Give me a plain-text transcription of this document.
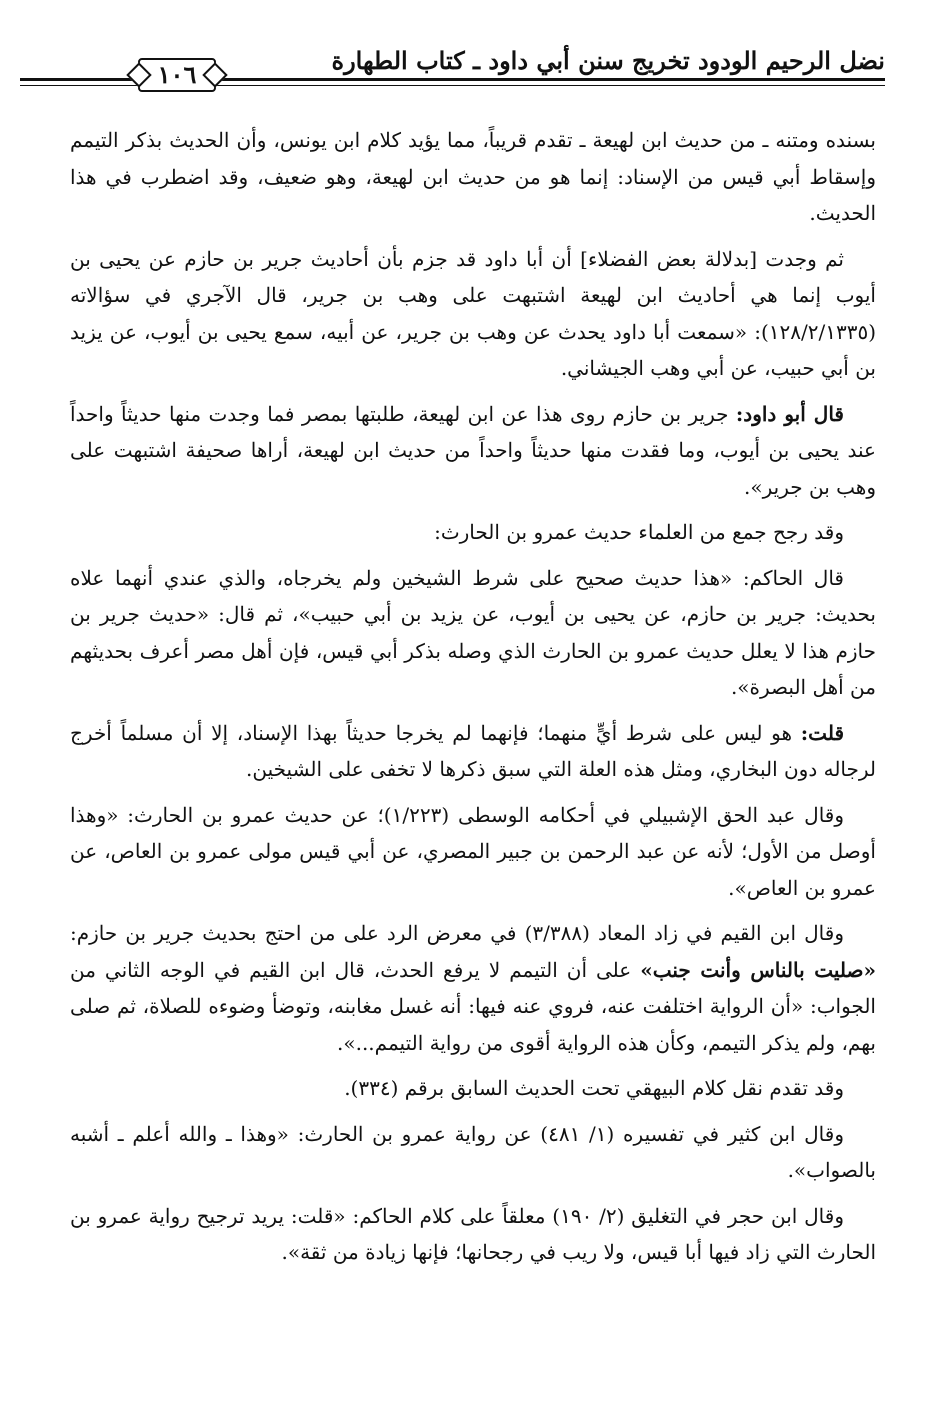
نضل الرحيم الودود تخريج سنن أبي داود ـ كتاب الطهارة
١٠٦

بسنده ومتنه ـ من حديث ابن لهيعة ـ تقدم قريباً، مما يؤيد كلام ابن يونس، وأن الحديث بذكر التيمم وإسقاط أبي قيس من الإسناد: إنما هو من حديث ابن لهيعة، وهو ضعيف، وقد اضطرب في هذا الحديث.

ثم وجدت [بدلالة بعض الفضلاء] أن أبا داود قد جزم بأن أحاديث جرير بن حازم عن يحيى بن أيوب إنما هي أحاديث ابن لهيعة اشتبهت على وهب بن جرير، قال الآجري في سؤالاته (١٢٨/٢/١٣٣٥): «سمعت أبا داود يحدث عن وهب بن جرير، عن أبيه، سمع يحيى بن أيوب، عن يزيد بن أبي حبيب، عن أبي وهب الجيشاني.

قال أبو داود: جرير بن حازم روى هذا عن ابن لهيعة، طلبتها بمصر فما وجدت منها حديثاً واحداً عند يحيى بن أيوب، وما فقدت منها حديثاً واحداً من حديث ابن لهيعة، أراها صحيفة اشتبهت على وهب بن جرير».

وقد رجح جمع من العلماء حديث عمرو بن الحارث:

قال الحاكم: «هذا حديث صحيح على شرط الشيخين ولم يخرجاه، والذي عندي أنهما علاه بحديث: جرير بن حازم، عن يحيى بن أيوب، عن يزيد بن أبي حبيب»، ثم قال: «حديث جرير بن حازم هذا لا يعلل حديث عمرو بن الحارث الذي وصله بذكر أبي قيس، فإن أهل مصر أعرف بحديثهم من أهل البصرة».

قلت: هو ليس على شرط أيٍّ منهما؛ فإنهما لم يخرجا حديثاً بهذا الإسناد، إلا أن مسلماً أخرج لرجاله دون البخاري، ومثل هذه العلة التي سبق ذكرها لا تخفى على الشيخين.

وقال عبد الحق الإشبيلي في أحكامه الوسطى (١/٢٢٣)؛ عن حديث عمرو بن الحارث: «وهذا أوصل من الأول؛ لأنه عن عبد الرحمن بن جبير المصري، عن أبي قيس مولى عمرو بن العاص، عن عمرو بن العاص».

وقال ابن القيم في زاد المعاد (٣/٣٨٨) في معرض الرد على من احتج بحديث جرير بن حازم: «صليت بالناس وأنت جنب» على أن التيمم لا يرفع الحدث، قال ابن القيم في الوجه الثاني من الجواب: «أن الرواية اختلفت عنه، فروي عنه فيها: أنه غسل مغابنه، وتوضأ وضوءه للصلاة، ثم صلى بهم، ولم يذكر التيمم، وكأن هذه الرواية أقوى من رواية التيمم...».

وقد تقدم نقل كلام البيهقي تحت الحديث السابق برقم (٣٣٤).

وقال ابن كثير في تفسيره (١/ ٤٨١) عن رواية عمرو بن الحارث: «وهذا ـ والله أعلم ـ أشبه بالصواب».

وقال ابن حجر في التغليق (٢/ ١٩٠) معلقاً على كلام الحاكم: «قلت: يريد ترجيح رواية عمرو بن الحارث التي زاد فيها أبا قيس، ولا ريب في رجحانها؛ فإنها زيادة من ثقة».
